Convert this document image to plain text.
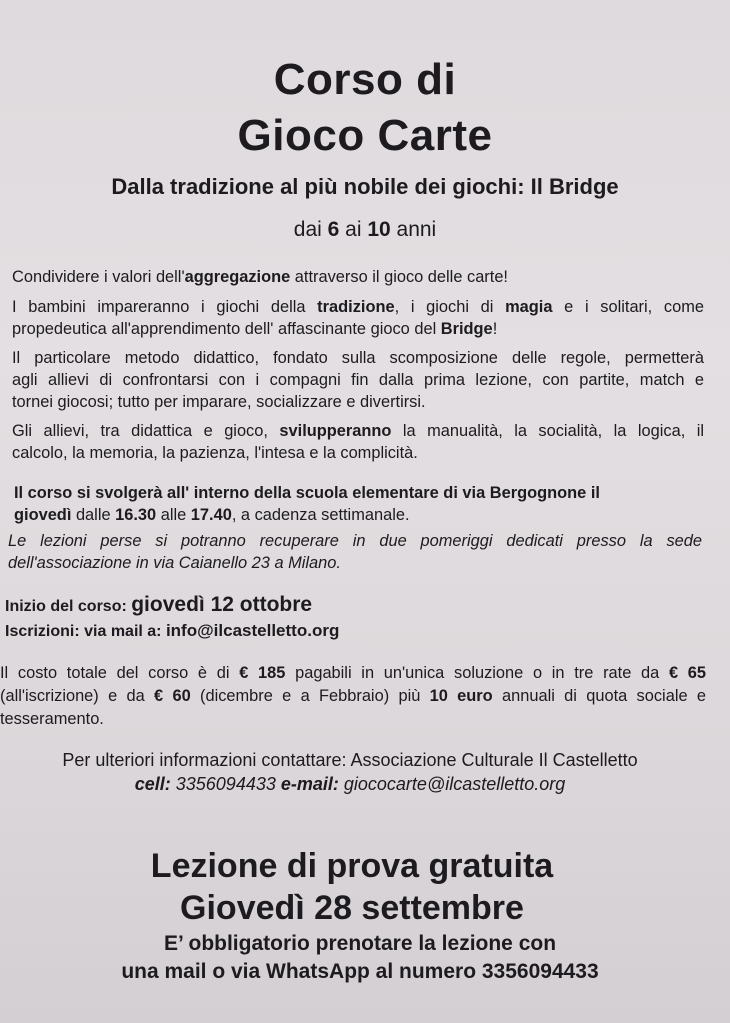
Corso di
Gioco Carte
Dalla tradizione al più nobile dei giochi: Il Bridge
dai 6 ai 10 anni
Condividere i valori dell'aggregazione attraverso il gioco delle carte!
I bambini impareranno i giochi della tradizione, i giochi di magia e i solitari, come
propedeutica all'apprendimento dell' affascinante gioco del Bridge!
Il particolare metodo didattico, fondato sulla scomposizione delle regole, permetterà
agli allievi di confrontarsi con i compagni fin dalla prima lezione, con partite, match e
tornei giocosi; tutto per imparare, socializzare e divertirsi.
Gli allievi, tra didattica e gioco, svilupperanno la manualità, la socialità, la logica, il
calcolo, la memoria, la pazienza, l'intesa e la complicità.
Il corso si svolgerà all' interno della scuola elementare di via Bergognone il
giovedì dalle 16.30 alle 17.40, a cadenza settimanale.
Le lezioni perse si potranno recuperare in due pomeriggi dedicati presso la sede
dell'associazione in via Caianello 23 a Milano.
Inizio del corso: giovedì 12 ottobre
Iscrizioni: via mail a: info@ilcastelletto.org
Il costo totale del corso è di € 185 pagabili in un'unica soluzione o in tre rate da € 65
(all'iscrizione) e da € 60 (dicembre e a Febbraio) più 10 euro annuali di quota sociale e
tesseramento.
Per ulteriori informazioni contattare: Associazione Culturale Il Castelletto
cell: 3356094433 e-mail: giococarte@ilcastelletto.org
Lezione di prova gratuita
Giovedì 28 settembre
E’ obbligatorio prenotare la lezione con
una mail o via WhatsApp al numero 3356094433
